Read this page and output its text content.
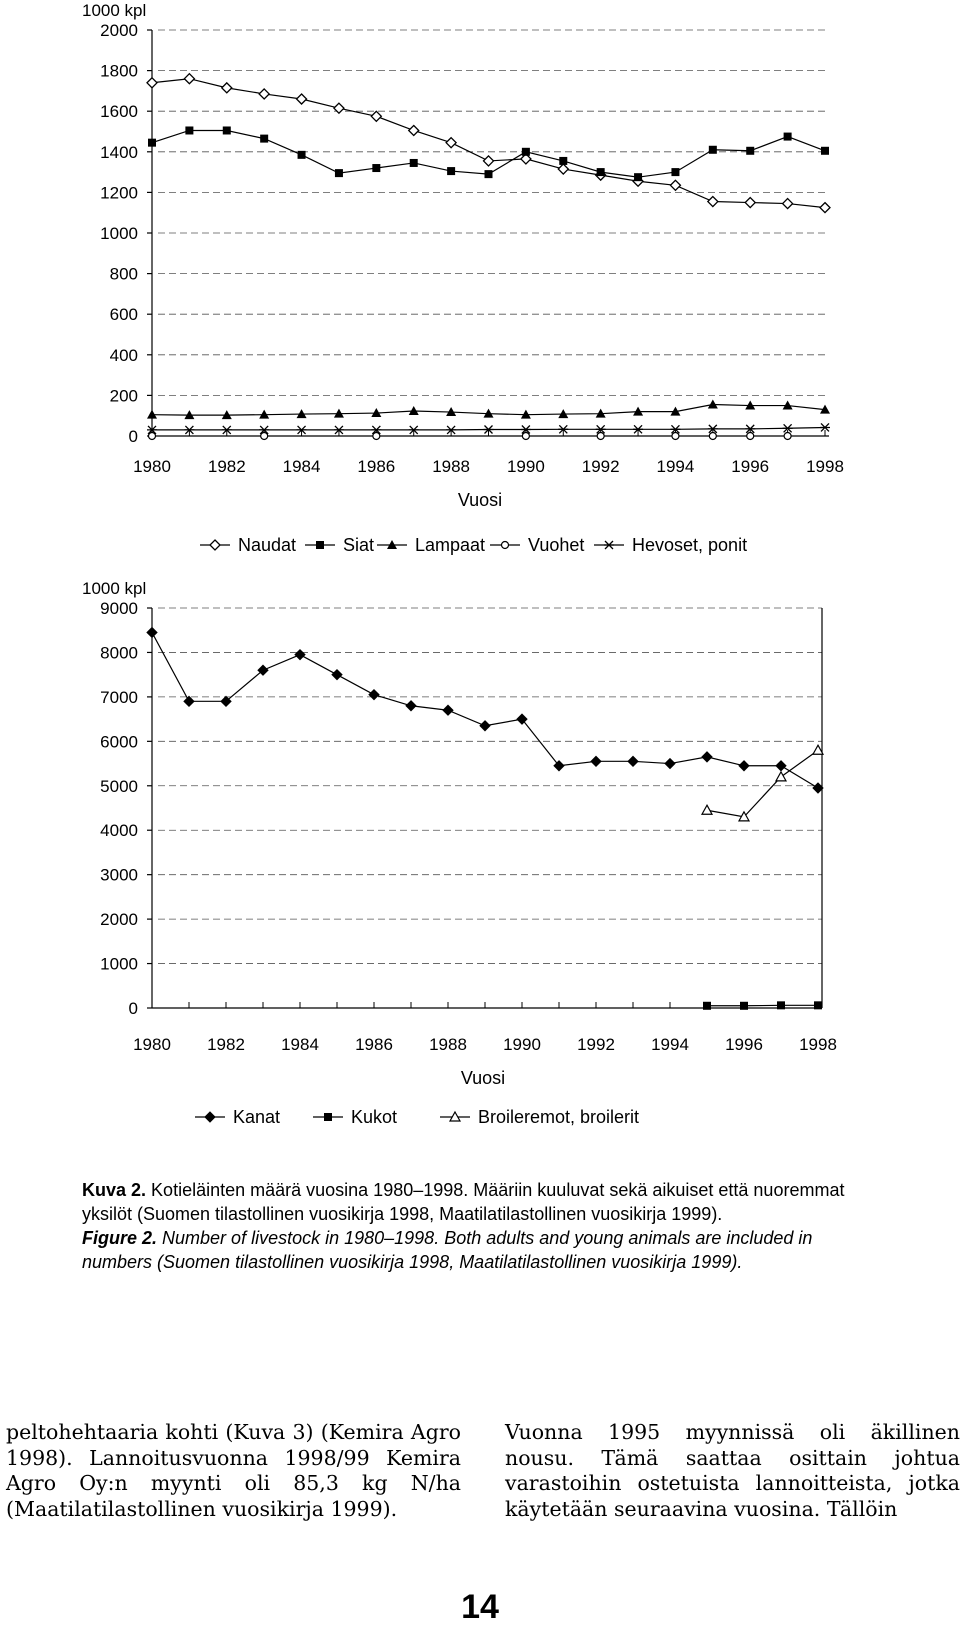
0
200
400
600
800
1000
1200
1400
1600
1800
2000
1980 1982 1984 1986 1988 1990 1992 1994 1996 1998
1000 kpl
Vuosi
Naudat	Siat Lampaat Vuohet	Hevoset, ponit
0
1000
2000
3000
4000
5000
6000
7000
8000
9000
1980 1982 1984 1986 1988 1990 1992 1994 1996 1998
1000 kpl
Vuosi
Kanat	Kukot	Broileremot, broilerit

Kuva 2. Kotieläinten määrä vuosina 1980–1998. Määriin kuuluvat sekä aikuiset että nuoremmat yksilöt (Suomen tilastollinen vuosikirja 1998, Maatilatilastollinen vuosikirja 1999).

Figure 2. Number of livestock in 1980–1998. Both adults and young animals are included in numbers (Suomen tilastollinen vuosikirja 1998, Maatilatilastollinen vuosikirja 1999).

peltohehtaaria kohti (Kuva 3) (Kemira Agro 1998). Lannoitusvuonna 1998/99 Kemira Agro Oy:n myynti oli 85,3 kg N/ha (Maatilatilastollinen vuosikirja 1999).
Vuonna 1995 myynnissä oli äkillinen nousu. Tämä saattaa osittain johtua varastoihin ostetuista lannoitteista, jotka käytetään seuraavina vuosina. Tällöin
14
